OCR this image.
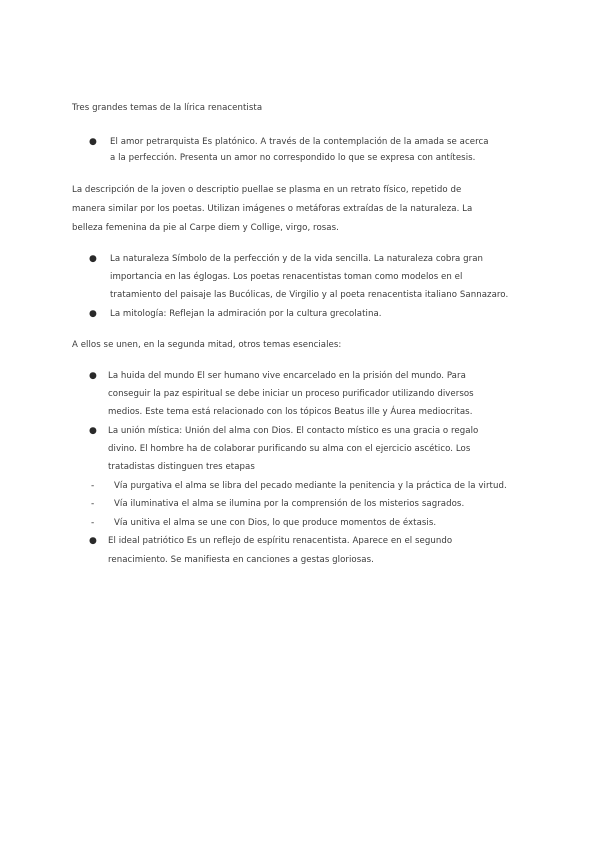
Tres grandes temas de la lírica renacentista
● El amor petrarquista Es platónico. A través de la contemplación de la amada se acerca
a la perfección. Presenta un amor no correspondido lo que se expresa con antítesis.
La descripción de la joven o descriptio puellae se plasma en un retrato físico, repetido de
manera similar por los poetas. Utilizan imágenes o metáforas extraídas de la naturaleza. La
belleza femenina da pie al Carpe diem y Collige, virgo, rosas.
● La naturaleza Símbolo de la perfección y de la vida sencilla. La naturaleza cobra gran
importancia en las églogas. Los poetas renacentistas toman como modelos en el
tratamiento del paisaje las Bucólicas, de Virgilio y al poeta renacentista italiano Sannazaro.
● La mitología: Reflejan la admiración por la cultura grecolatina.
A ellos se unen, en la segunda mitad, otros temas esenciales:
● La huida del mundo El ser humano vive encarcelado en la prisión del mundo. Para
conseguir la paz espiritual se debe iniciar un proceso purificador utilizando diversos
medios. Este tema está relacionado con los tópicos Beatus ille y Áurea mediocritas.
● La unión mística: Unión del alma con Dios. El contacto místico es una gracia o regalo
divino. El hombre ha de colaborar purificando su alma con el ejercicio ascético. Los
tratadistas distinguen tres etapas
- Vía purgativa el alma se libra del pecado mediante la penitencia y la práctica de la virtud.
- Vía iluminativa el alma se ilumina por la comprensión de los misterios sagrados.
- Vía unitiva el alma se une con Dios, lo que produce momentos de éxtasis.
● El ideal patriótico Es un reflejo de espíritu renacentista. Aparece en el segundo
renacimiento. Se manifiesta en canciones a gestas gloriosas.
